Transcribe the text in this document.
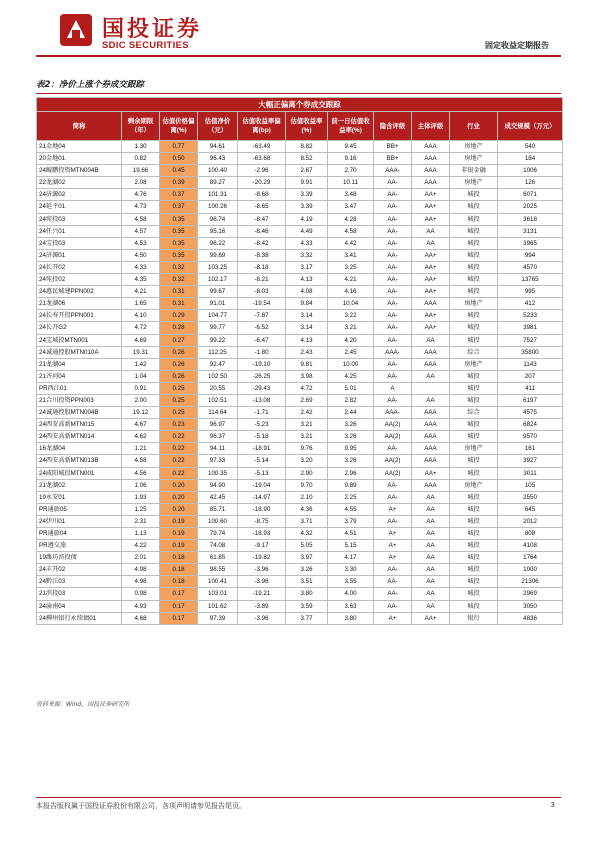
国投证券
SDIC SECURITIES	固定收益定期报告
表2：净价上涨个券成交跟踪
大幅正偏离个券成交跟踪										
简称	剩余期限（年）	估值价格偏离(%)	估值净价（元）	估值收益率偏离(bp)	估值收益率(%)	前一日估值收益率(%)	隐含评级	主体评级	行业	成交规模（万元）
21金地04	1.30	0.77	94.61	-63.49	8.82	9.45	BB+	AAA	房地产	540
20金地01	0.82	0.50	96.43	-63.68	8.52	9.16	BB+	AAA	房地产	184
24鲲鹏投资MTN004B	19.66	0.45	100.40	-2.96	2.67	2.70	AAA-	AAA	非银金融	1006
22龙湖02	2.08	0.39	89.27	-20.29	9.91	10.11	AA-	AAA	房地产	126
24济源02	4.76	0.37	101.31	-8.68	3.39	3.48	AA-	AA+	城投	6071
24延平01	4.73	0.37	100.26	-8.65	3.39	3.47	AA-	AA+	城投	2025
24宛投03	4.58	0.35	96.74	-8.47	4.19	4.28	AA-	AA+	城投	3618
24任兴01	4.57	0.35	95.16	-8.46	4.49	4.58	AA-	AA	城投	3131
24宝投03	4.53	0.35	96.22	-8.42	4.33	4.42	AA-	AA	城投	3965
24济源01	4.50	0.35	99.69	-8.38	3.32	3.41	AA-	AA+	城投	994
24长开02	4.33	0.32	103.25	-8.18	3.17	3.25	AA-	AA+	城投	4570
24宛投02	4.35	0.32	102.17	-8.21	4.13	4.21	AA-	AA+	城投	13765
24惠民城建PPN002	4.21	0.31	99.67	-8.03	4.08	4.16	AA-	AA+	城投	995
21龙湖06	1.65	0.31	91.01	-19.54	9.84	10.04	AA-	AAA	房地产	412
24长寿开投PPN001	4.10	0.29	104.77	-7.87	3.14	3.22	AA-	AA+	城投	5233
24长开G2	4.72	0.28	99.77	-6.52	3.14	3.21	AA-	AA+	城投	3981
24宝城投MTN001	4.69	0.27	99.22	-6.47	4.13	4.20	AA-	AA	城投	7527
24诚通控股MTN010A	19.31	0.26	112.25	-1.80	2.43	2.45	AAA-	AAA	综合	35800
21龙湖04	1.42	0.26	92.47	-19.10	9.81	10.00	AA-	AAA	房地产	1143
21齐河04	1.04	0.26	102.50	-26.25	3.98	4.25	AA-	AA	城投	207
PR西江01	0.91	0.25	20.55	-29.43	4.72	5.01	A		城投	411
21合川投资PPN003	2.00	0.25	102.51	-13.08	2.69	2.82	AA-	AA	城投	6197
24诚通控股MTN004B	19.12	0.25	114.64	-1.71	2.42	2.44	AAA-	AAA	综合	4575
24西安高新MTN015	4.67	0.23	96.97	-5.23	3.21	3.26	AA(2)	AAA	城投	6824
24西安高新MTN014	4.62	0.22	96.37	-5.18	3.21	3.26	AA(2)	AAA	城投	9570
16龙湖04	1.21	0.22	94.11	-18.91	9.76	9.95	AA-	AAA	房地产	161
24西安高新MTN013B	4.58	0.22	97.33	-5.14	3.20	3.26	AA(2)	AAA	城投	3927
24咸阳城投MTN001	4.56	0.22	100.35	-5.13	2.90	2.96	AA(2)	AA+	城投	3011
21龙湖02	1.06	0.20	94.90	-19.04	9.70	9.89	AA-	AAA	房地产	105
19永安01	1.93	0.20	42.45	-14.97	2.10	2.25	AA-	AA	城投	2550
PR通旅05	1.25	0.20	85.71	-18.90	4.36	4.55	A+	AA	城投	645
24伊川01	2.31	0.19	100.60	-8.75	3.71	3.79	AA-	AA	城投	2012
PR通旅04	1.13	0.19	79.74	-18.93	4.32	4.51	A+	AA	城投	808
PR遵交旅	4.22	0.19	74.08	-9.17	5.05	5.15	A+	AA	城投	4108
19潍坊滨投债	2.01	0.18	61.85	-19.82	3.97	4.17	A+	AA	城投	1764
24丰开02	4.98	0.18	98.55	-3.96	3.26	3.30	AA-	AA	城投	1000
24黔江03	4.98	0.18	100.41	-3.96	3.51	3.55	AA-	AA	城投	21306
21滨投03	0.98	0.17	103.01	-19.21	3.80	4.00	AA-	AA	城投	2969
24渝南04	4.93	0.17	101.62	-3.89	3.59	3.63	AA-	AA	城投	3050
24柳州银行永续债01	4.68	0.17	97.39	-3.96	3.77	3.80	A+	AA+	银行	4836
资料来源：Wind，国投证券研究所
本报告版权属于国投证券股份有限公司，各项声明请参见报告尾页。	3
